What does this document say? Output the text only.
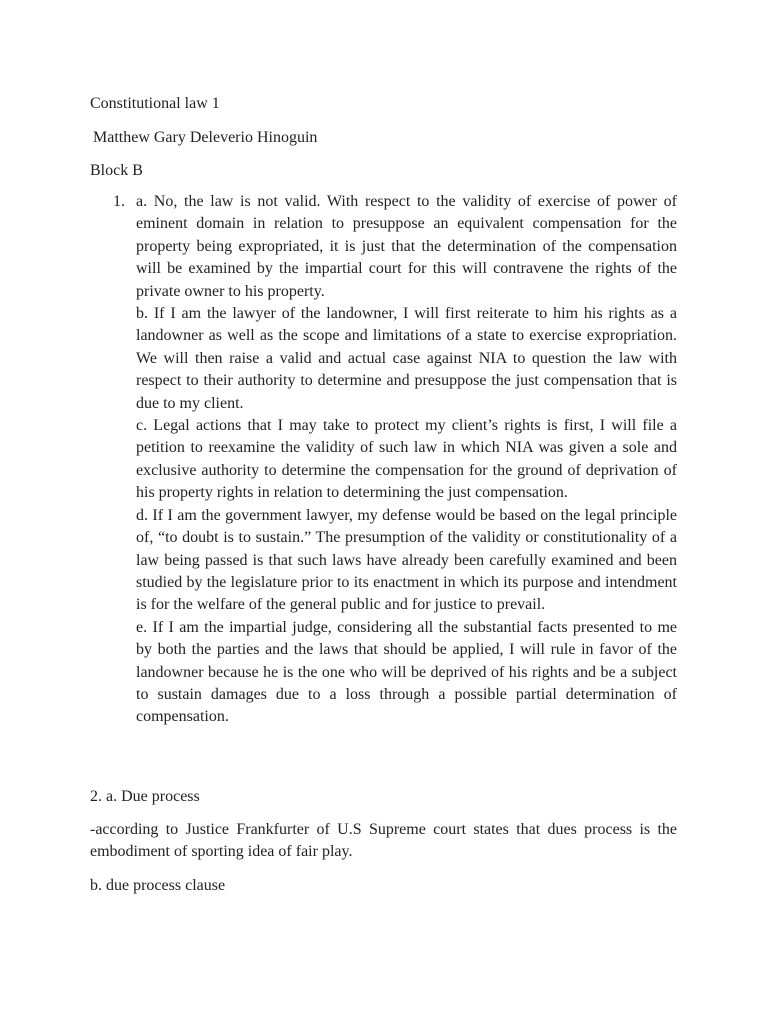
Constitutional law 1

Matthew Gary Deleverio Hinoguin

Block B

1. a. No, the law is not valid. With respect to the validity of exercise of power of eminent domain in relation to presuppose an equivalent compensation for the property being expropriated, it is just that the determination of the compensation will be examined by the impartial court for this will contravene the rights of the private owner to his property.

b. If I am the lawyer of the landowner, I will first reiterate to him his rights as a landowner as well as the scope and limitations of a state to exercise expropriation. We will then raise a valid and actual case against NIA to question the law with respect to their authority to determine and presuppose the just compensation that is due to my client.

c. Legal actions that I may take to protect my client’s rights is first, I will file a petition to reexamine the validity of such law in which NIA was given a sole and exclusive authority to determine the compensation for the ground of deprivation of his property rights in relation to determining the just compensation.

d. If I am the government lawyer, my defense would be based on the legal principle of, “to doubt is to sustain.” The presumption of the validity or constitutionality of a law being passed is that such laws have already been carefully examined and been studied by the legislature prior to its enactment in which its purpose and intendment is for the welfare of the general public and for justice to prevail.

e. If I am the impartial judge, considering all the substantial facts presented to me by both the parties and the laws that should be applied, I will rule in favor of the landowner because he is the one who will be deprived of his rights and be a subject to sustain damages due to a loss through a possible partial determination of compensation.

2. a. Due process

-according to Justice Frankfurter of U.S Supreme court states that dues process is the embodiment of sporting idea of fair play.

b. due process clause
